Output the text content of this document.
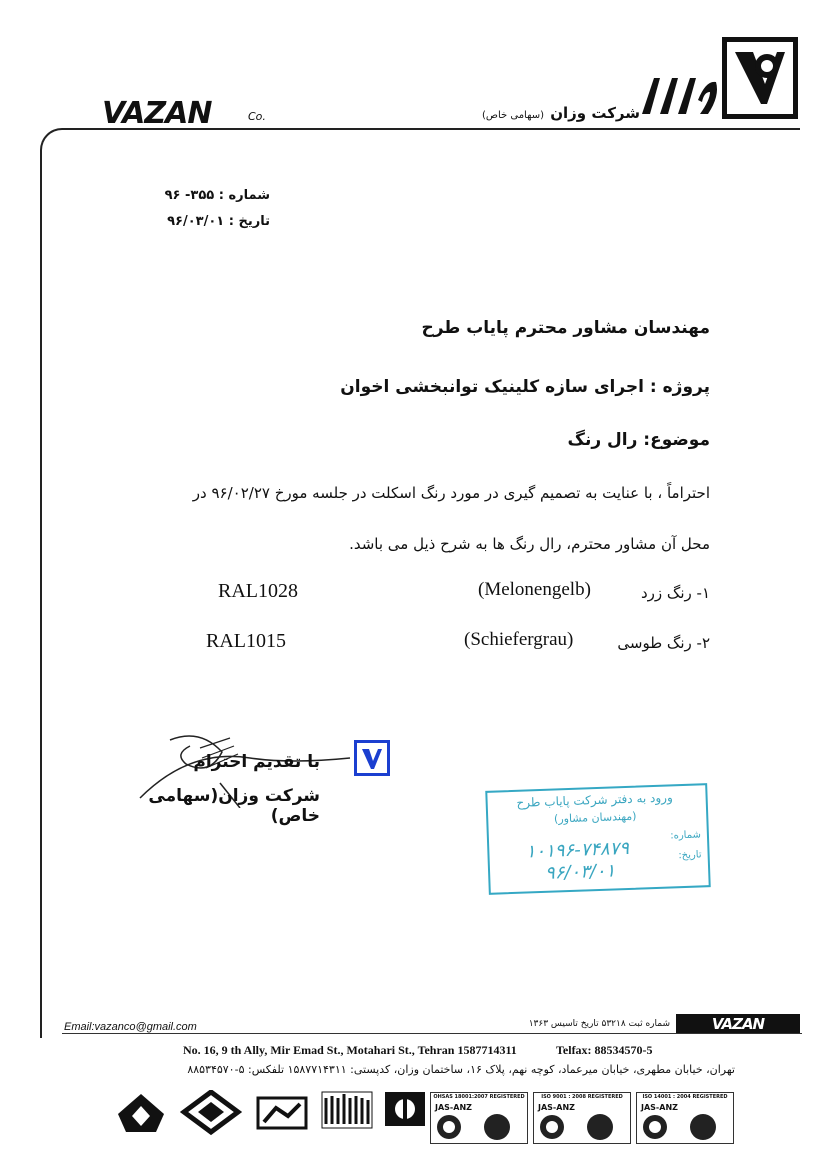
شرکت وزان
(سهامی خاص)
VAZAN	Co.
شماره : ۳۵۵- ۹۶
تاریخ : ۹۶/۰۳/۰۱
مهندسان مشاور محترم پایاب طرح
پروژه : اجرای سازه کلینیک توانبخشی اخوان
موضوع: رال رنگ
احتراماً ، با عنایت به تصمیم گیری در مورد رنگ اسکلت در جلسه مورخ ۹۶/۰۲/۲۷ در
محل آن مشاور محترم، رال رنگ ها به شرح ذیل می باشد.
۱- رنگ زرد
(Melonengelb)
RAL1028
۲- رنگ طوسی
(Schiefergrau)
RAL1015
با تقدیم احترام
شرکت وزان(سهامی خاص)
ورود به دفتر شرکت پایاب طرح
(مهندسان مشاور)
شماره:
۱۰۱۹۶-۷۴۸۷۹	تاریخ:
۹۶/۰۳/۰۱
Email:vazanco@gmail.com	شماره ثبت ۵۳۲۱۸ تاریخ تاسیس ۱۳۶۳	VAZAN
No. 16, 9 th Ally, Mir Emad St., Motahari St., Tehran 1587714311	Telfax: 88534570-5
تهران، خیابان مطهری، خیابان میرعماد، کوچه نهم، پلاک ۱۶، ساختمان وزان، کدپستی: ۱۵۸۷۷۱۴۳۱۱ تلفکس: ۵-۸۸۵۳۴۵۷۰
OHSAS 18001:2007 REGISTERED
JAS-ANZ
ISO 9001 : 2008 REGISTERED
JAS-ANZ
ISO 14001 : 2004 REGISTERED
JAS-ANZ
